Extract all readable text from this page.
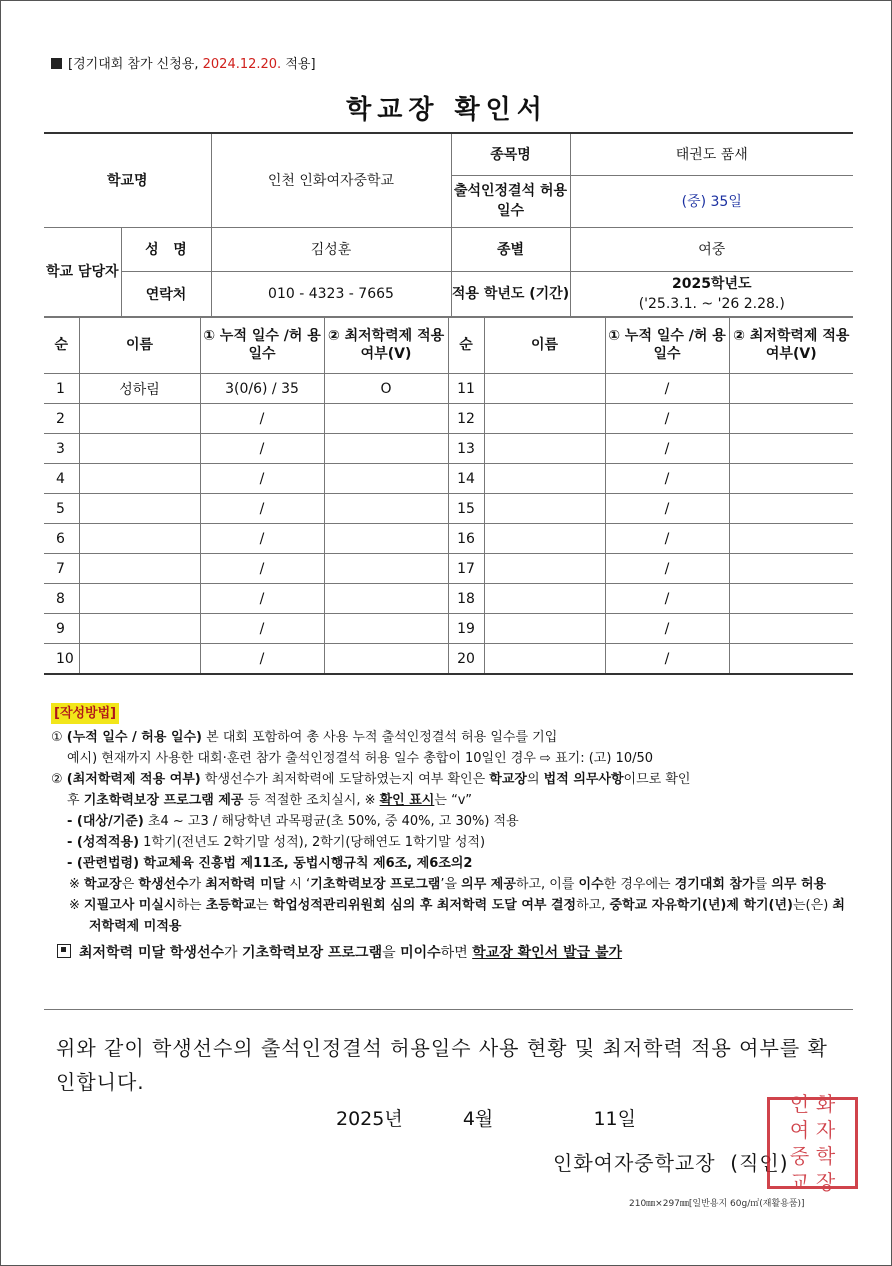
[경기대회 참가 신청용, 2024.12.20. 적용]
학교장 확인서
학교명		인천 인화여자중학교	종목명	태권도 품새
			출석인정결석 허용 일수	(중) 35일
학교 담당자	성   명	김성훈	종별	여중
	연락처	010 - 4323 - 7665	적용 학년도 (기간)	2025학년도
('25.3.1. ~ '26 2.28.)
순	이름	① 누적 일수 /허 용 일수	② 최저학력제 적용 여부(V)	순	이름	① 누적 일수 /허 용 일수	② 최저학력제 적용 여부(V)
1	성하림	3(0/6) / 35	O	11		/	
2		/		12		/	
3		/		13		/	
4		/		14		/	
5		/		15		/	
6		/		16		/	
7		/		17		/	
8		/		18		/	
9		/		19		/	
10		/		20		/	
[작성방법]
① (누적 일수 / 허용 일수) 본 대회 포함하여 총 사용 누적 출석인정결석 허용 일수를 기입
예시) 현재까지 사용한 대회·훈련 참가 출석인정결석 허용 일수 총합이 10일인 경우 ⇨ 표기: (고) 10/50
② (최저학력제 적용 여부) 학생선수가 최저학력에 도달하였는지 여부 확인은 학교장의 법적 의무사항이므로 확인
후 기초학력보장 프로그램 제공 등 적절한 조치실시, ※ 확인 표시는 “v”
- (대상/기준) 초4 ~ 고3 / 해당학년 과목평균(초 50%, 중 40%, 고 30%) 적용
- (성적적용) 1학기(전년도 2학기말 성적), 2학기(당해연도 1학기말 성적)
- (관련법령) 학교체육 진흥법 제11조, 동법시행규칙 제6조, 제6조의2
※ 학교장은 학생선수가 최저학력 미달 시 ‘기초학력보장 프로그램’을 의무 제공하고, 이를 이수한 경우에는 경기대회 참가를 의무 허용
※ 지필고사 미실시하는 초등학교는 학업성적관리위원회 심의 후 최저학력 도달 여부 결정하고, 중학교 자유학기(년)제 학기(년)는(은) 최저학력제 미적용
최저학력 미달 학생선수가 기초학력보장 프로그램을 미이수하면 학교장 확인서 발급 불가
위와 같이 학생선수의 출석인정결석 허용일수 사용 현황 및 최저학력 적용 여부를 확인합니다.
2025년   4월     11일
인화여자중학교장  (직인)
인 화
여 자
중 학
교 장
210㎜×297㎜[일반용지 60g/㎡(재활용품)]
